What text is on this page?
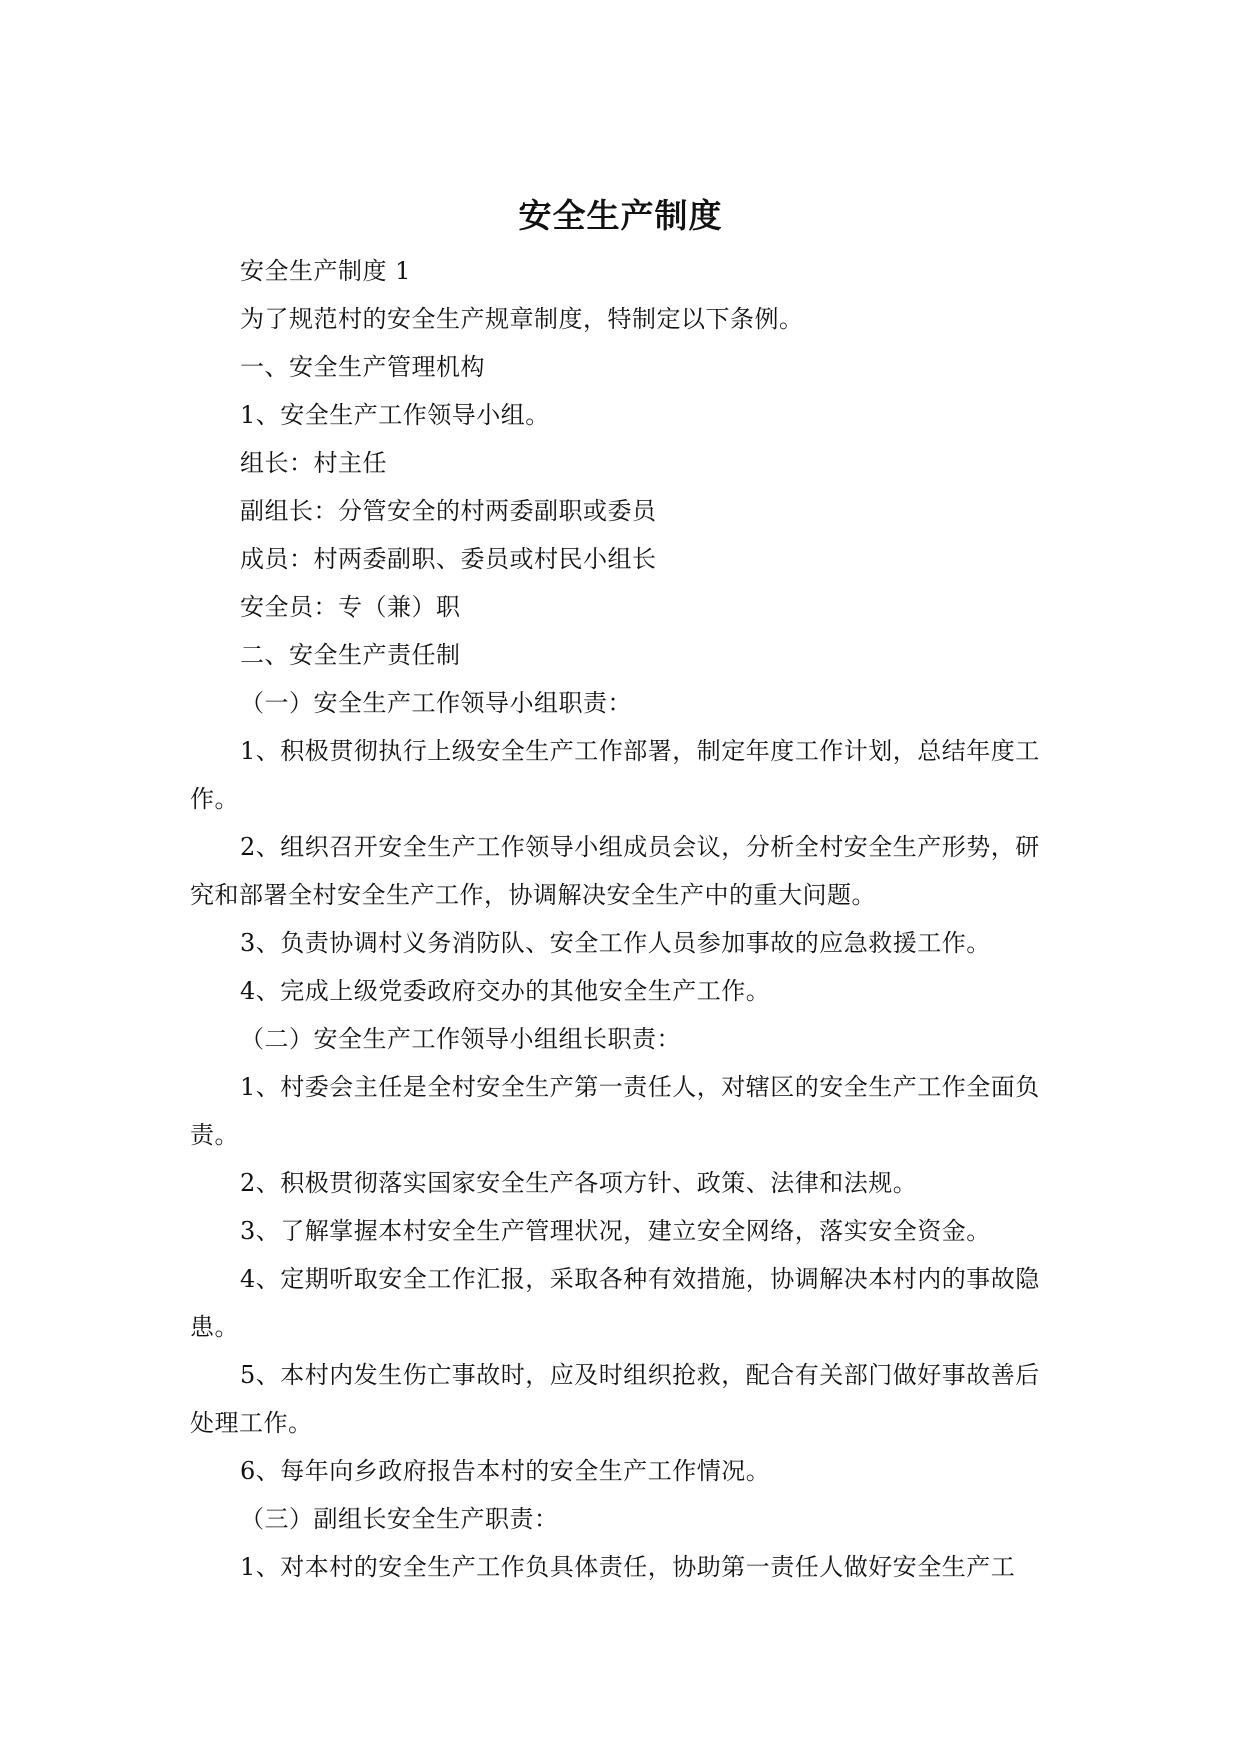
安全生产制度
安全生产制度 1
为了规范村的安全生产规章制度，特制定以下条例。
一、安全生产管理机构
1、安全生产工作领导小组。
组长：村主任
副组长：分管安全的村两委副职或委员
成员：村两委副职、委员或村民小组长
安全员：专（兼）职
二、安全生产责任制
（一）安全生产工作领导小组职责：
1、积极贯彻执行上级安全生产工作部署，制定年度工作计划，总结年度工
作。
2、组织召开安全生产工作领导小组成员会议，分析全村安全生产形势，研
究和部署全村安全生产工作，协调解决安全生产中的重大问题。
3、负责协调村义务消防队、安全工作人员参加事故的应急救援工作。
4、完成上级党委政府交办的其他安全生产工作。
（二）安全生产工作领导小组组长职责：
1、村委会主任是全村安全生产第一责任人，对辖区的安全生产工作全面负
责。
2、积极贯彻落实国家安全生产各项方针、政策、法律和法规。
3、了解掌握本村安全生产管理状况，建立安全网络，落实安全资金。
4、定期听取安全工作汇报，采取各种有效措施，协调解决本村内的事故隐
患。
5、本村内发生伤亡事故时，应及时组织抢救，配合有关部门做好事故善后
处理工作。
6、每年向乡政府报告本村的安全生产工作情况。
（三）副组长安全生产职责：
1、对本村的安全生产工作负具体责任，协助第一责任人做好安全生产工
